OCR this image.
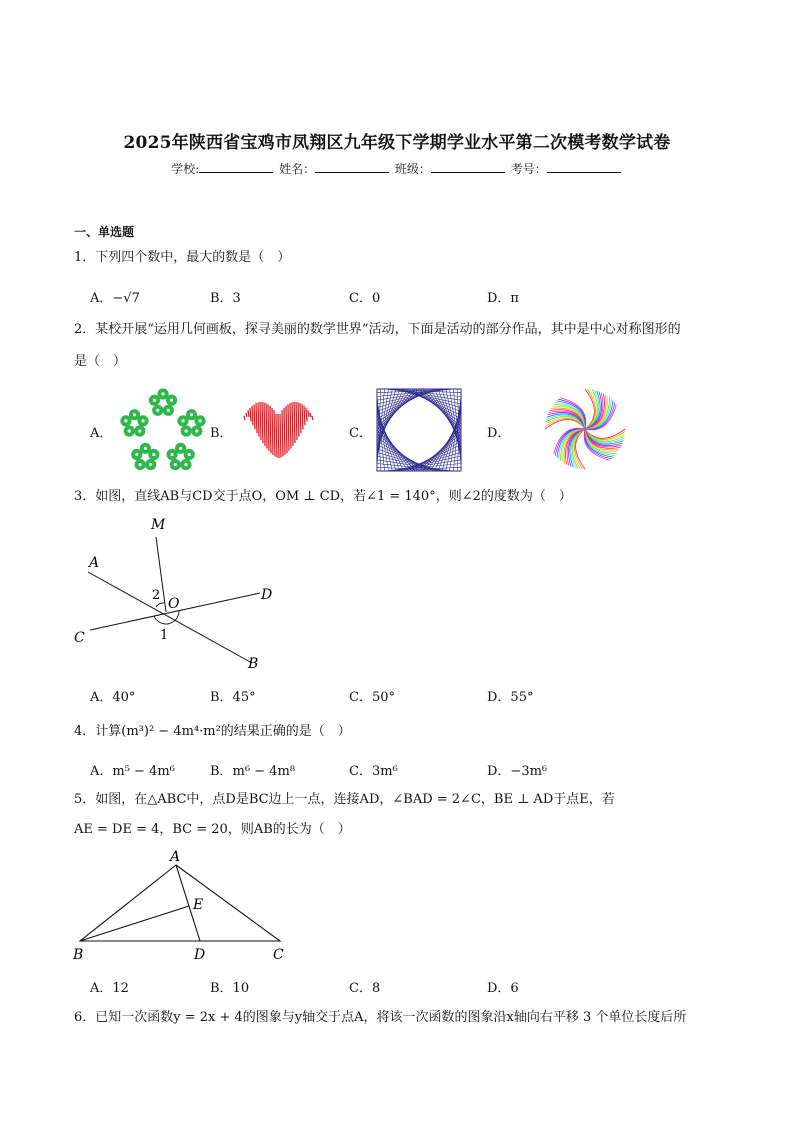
2025年陕西省宝鸡市凤翔区九年级下学期学业水平第二次模考数学试卷
学校:	姓名：	班级：	考号：
一、单选题
1．下列四个数中，最大的数是（　）
A．−√7	B．3	C．0	D．π
2．某校开展“运用几何画板，探寻美丽的数学世界”活动，下面是活动的部分作品，其中是中心对称图形的
是（　）
A．	B．	C．	D．
3．如图，直线AB与CD交于点O，OM ⊥ CD，若∠1 = 140°，则∠2的度数为（　）
M
A
D
C
B
O
1
2
A．40°	B．45°	C．50°	D．55°
4．计算(m³)² − 4m⁴·m²的结果正确的是（　）
A．m⁵ − 4m⁶	B．m⁶ − 4m⁸	C．3m⁶	D．−3m⁶
5．如图，在△ABC中，点D是BC边上一点，连接AD，∠BAD = 2∠C，BE ⊥ AD于点E，若
AE = DE = 4，BC = 20，则AB的长为（　）
A
E
B	D	C
A．12	B．10	C．8	D．6
6．已知一次函数y = 2x + 4的图象与y轴交于点A，将该一次函数的图象沿x轴向右平移 3 个单位长度后所
